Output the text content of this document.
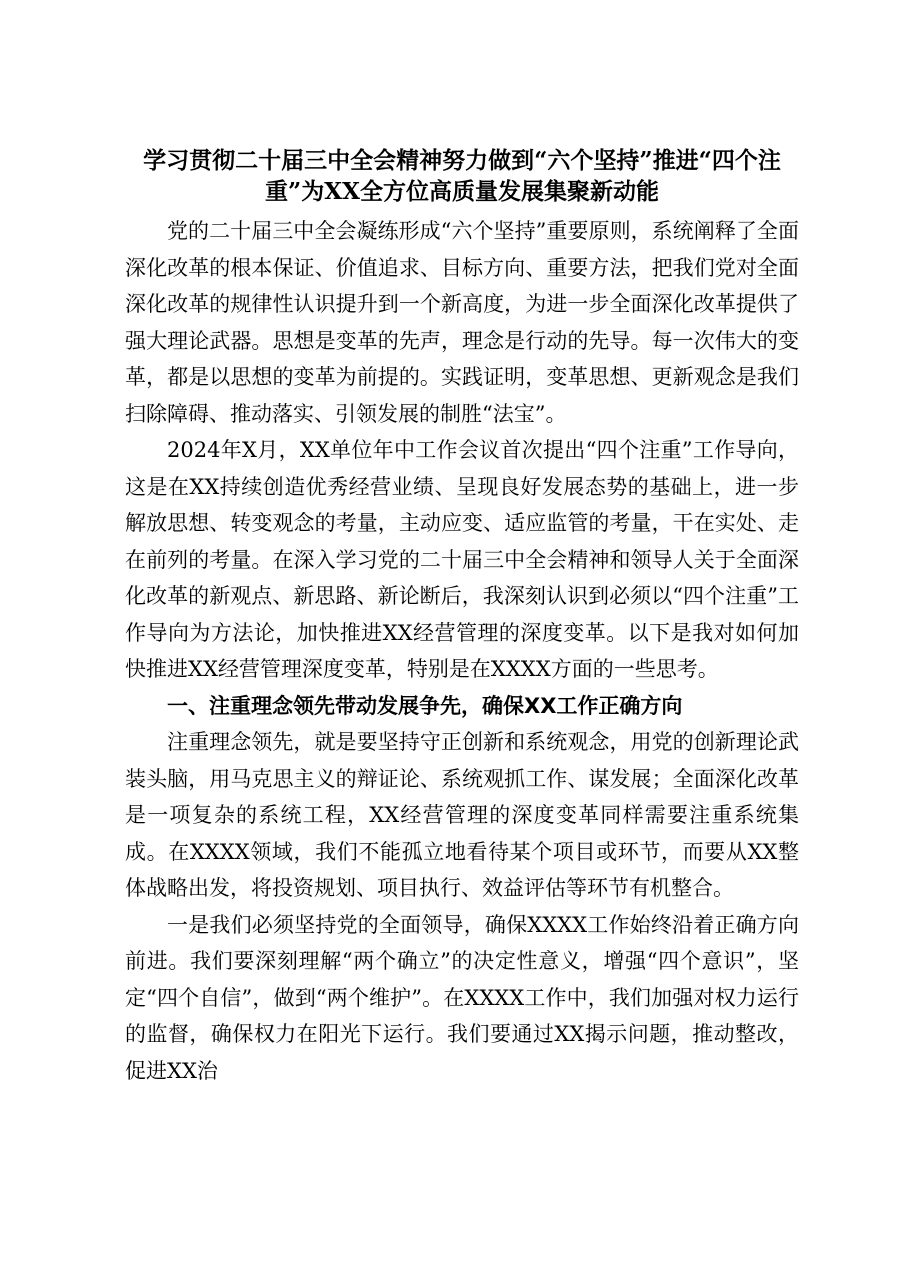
学习贯彻二十届三中全会精神努力做到“六个坚持”推进“四个注重”为XX全方位高质量发展集聚新动能

党的二十届三中全会凝练形成“六个坚持”重要原则，系统阐释了全面深化改革的根本保证、价值追求、目标方向、重要方法，把我们党对全面深化改革的规律性认识提升到一个新高度，为进一步全面深化改革提供了强大理论武器。思想是变革的先声，理念是行动的先导。每一次伟大的变革，都是以思想的变革为前提的。实践证明，变革思想、更新观念是我们扫除障碍、推动落实、引领发展的制胜“法宝”。

2024年X月，XX单位年中工作会议首次提出“四个注重”工作导向，这是在XX持续创造优秀经营业绩、呈现良好发展态势的基础上，进一步解放思想、转变观念的考量，主动应变、适应监管的考量，干在实处、走在前列的考量。在深入学习党的二十届三中全会精神和领导人关于全面深化改革的新观点、新思路、新论断后，我深刻认识到必须以“四个注重”工作导向为方法论，加快推进XX经营管理的深度变革。以下是我对如何加快推进XX经营管理深度变革，特别是在XXXX方面的一些思考。

一、注重理念领先带动发展争先，确保XX工作正确方向

注重理念领先，就是要坚持守正创新和系统观念，用党的创新理论武装头脑，用马克思主义的辩证论、系统观抓工作、谋发展；全面深化改革是一项复杂的系统工程，XX经营管理的深度变革同样需要注重系统集成。在XXXX领域，我们不能孤立地看待某个项目或环节，而要从XX整体战略出发，将投资规划、项目执行、效益评估等环节有机整合。

一是我们必须坚持党的全面领导，确保XXXX工作始终沿着正确方向前进。我们要深刻理解“两个确立”的决定性意义，增强“四个意识”，坚定“四个自信”，做到“两个维护”。在XXXX工作中，我们加强对权力运行的监督，确保权力在阳光下运行。我们要通过XX揭示问题，推动整改，促进XX治
